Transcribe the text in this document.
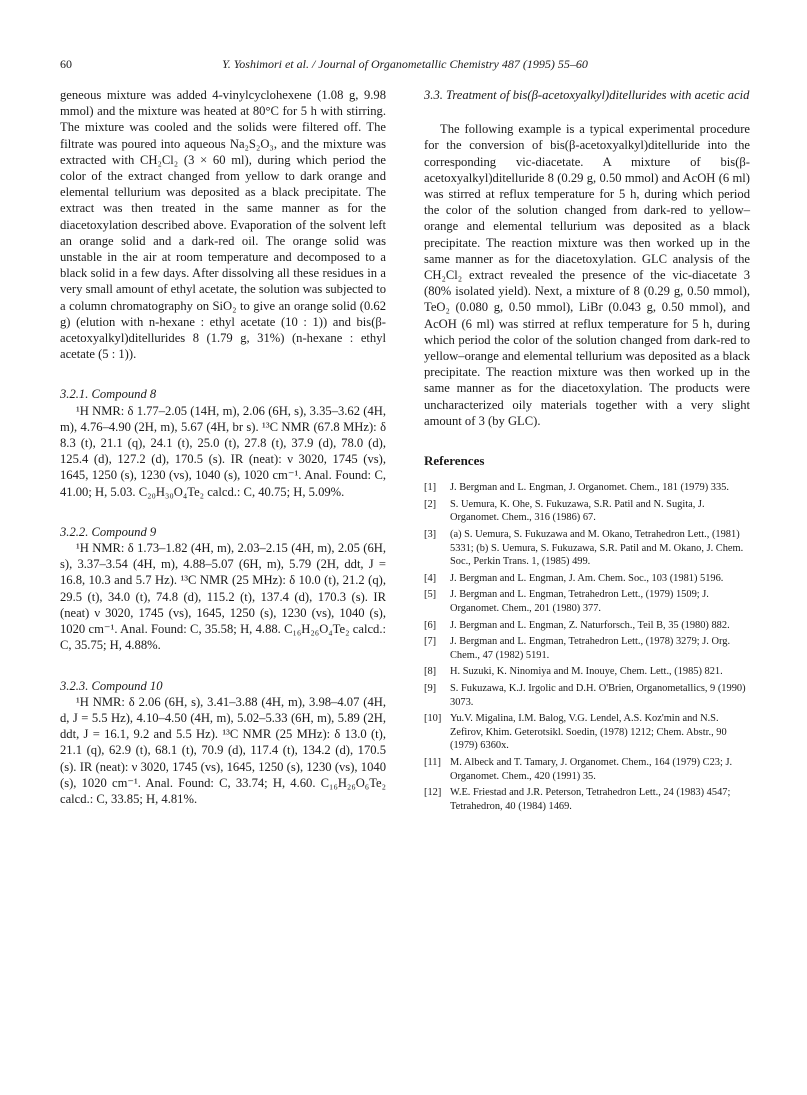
60	Y. Yoshimori et al. / Journal of Organometallic Chemistry 487 (1995) 55–60

geneous mixture was added 4-vinylcyclohexene (1.08 g, 9.98 mmol) and the mixture was heated at 80°C for 5 h with stirring. The mixture was cooled and the solids were filtered off. The filtrate was poured into aqueous Na₂S₂O₃, and the mixture was extracted with CH₂Cl₂ (3 × 60 ml), during which period the color of the extract changed from yellow to dark orange and elemental tellurium was deposited as a black precipitate. The extract was then treated in the same manner as for the diacetoxylation described above. Evaporation of the solvent left an orange solid and a dark-red oil. The orange solid was unstable in the air at room temperature and decomposed to a black solid in a few days. After dissolving all these residues in a very small amount of ethyl acetate, the solution was subjected to a column chromatography on SiO₂ to give an orange solid (0.62 g) (elution with n-hexane : ethyl acetate (10 : 1)) and bis(β-acetoxyalkyl)ditellurides 8 (1.79 g, 31%) (n-hexane : ethyl acetate (5 : 1)).

3.2.1. Compound 8

¹H NMR: δ 1.77–2.05 (14H, m), 2.06 (6H, s), 3.35–3.62 (4H, m), 4.76–4.90 (2H, m), 5.67 (4H, br s). ¹³C NMR (67.8 MHz): δ 8.3 (t), 21.1 (q), 24.1 (t), 25.0 (t), 27.8 (t), 37.9 (d), 78.0 (d), 125.4 (d), 127.2 (d), 170.5 (s). IR (neat): ν 3020, 1745 (vs), 1645, 1250 (s), 1230 (vs), 1040 (s), 1020 cm⁻¹. Anal. Found: C, 41.00; H, 5.03. C₂₀H₃₀O₄Te₂ calcd.: C, 40.75; H, 5.09%.

3.2.2. Compound 9

¹H NMR: δ 1.73–1.82 (4H, m), 2.03–2.15 (4H, m), 2.05 (6H, s), 3.37–3.54 (4H, m), 4.88–5.07 (6H, m), 5.79 (2H, ddt, J = 16.8, 10.3 and 5.7 Hz). ¹³C NMR (25 MHz): δ 10.0 (t), 21.2 (q), 29.5 (t), 34.0 (t), 74.8 (d), 115.2 (t), 137.4 (d), 170.3 (s). IR (neat) ν 3020, 1745 (vs), 1645, 1250 (s), 1230 (vs), 1040 (s), 1020 cm⁻¹. Anal. Found: C, 35.58; H, 4.88. C₁₆H₂₆O₄Te₂ calcd.: C, 35.75; H, 4.88%.

3.2.3. Compound 10

¹H NMR: δ 2.06 (6H, s), 3.41–3.88 (4H, m), 3.98–4.07 (4H, d, J = 5.5 Hz), 4.10–4.50 (4H, m), 5.02–5.33 (6H, m), 5.89 (2H, ddt, J = 16.1, 9.2 and 5.5 Hz). ¹³C NMR (25 MHz): δ 13.0 (t), 21.1 (q), 62.9 (t), 68.1 (t), 70.9 (d), 117.4 (t), 134.2 (d), 170.5 (s). IR (neat): ν 3020, 1745 (vs), 1645, 1250 (s), 1230 (vs), 1040 (s), 1020 cm⁻¹. Anal. Found: C, 33.74; H, 4.60. C₁₆H₂₆O₆Te₂ calcd.: C, 33.85; H, 4.81%.

3.3. Treatment of bis(β-acetoxyalkyl)ditellurides with acetic acid

The following example is a typical experimental procedure for the conversion of bis(β-acetoxyalkyl)ditelluride into the corresponding vic-diacetate. A mixture of bis(β-acetoxyalkyl)ditelluride 8 (0.29 g, 0.50 mmol) and AcOH (6 ml) was stirred at reflux temperature for 5 h, during which period the color of the solution changed from dark-red to yellow–orange and elemental tellurium was deposited as a black precipitate. The reaction mixture was then worked up in the same manner as for the diacetoxylation. GLC analysis of the CH₂Cl₂ extract revealed the presence of the vic-diacetate 3 (80% isolated yield). Next, a mixture of 8 (0.29 g, 0.50 mmol), TeO₂ (0.080 g, 0.50 mmol), LiBr (0.043 g, 0.50 mmol), and AcOH (6 ml) was stirred at reflux temperature for 5 h, during which period the color of the solution changed from dark-red to yellow–orange and elemental tellurium was deposited as a black precipitate. The reaction mixture was then worked up in the same manner as for the diacetoxylation. The products were uncharacterized oily materials together with a very slight amount of 3 (by GLC).

References
[1] J. Bergman and L. Engman, J. Organomet. Chem., 181 (1979) 335.
[2] S. Uemura, K. Ohe, S. Fukuzawa, S.R. Patil and N. Sugita, J. Organomet. Chem., 316 (1986) 67.
[3] (a) S. Uemura, S. Fukuzawa and M. Okano, Tetrahedron Lett., (1981) 5331; (b) S. Uemura, S. Fukuzawa, S.R. Patil and M. Okano, J. Chem. Soc., Perkin Trans. 1, (1985) 499.
[4] J. Bergman and L. Engman, J. Am. Chem. Soc., 103 (1981) 5196.
[5] J. Bergman and L. Engman, Tetrahedron Lett., (1979) 1509; J. Organomet. Chem., 201 (1980) 377.
[6] J. Bergman and L. Engman, Z. Naturforsch., Teil B, 35 (1980) 882.
[7] J. Bergman and L. Engman, Tetrahedron Lett., (1978) 3279; J. Org. Chem., 47 (1982) 5191.
[8] H. Suzuki, K. Ninomiya and M. Inouye, Chem. Lett., (1985) 821.
[9] S. Fukuzawa, K.J. Irgolic and D.H. O'Brien, Organometallics, 9 (1990) 3073.
[10] Yu.V. Migalina, I.M. Balog, V.G. Lendel, A.S. Koz'min and N.S. Zefirov, Khim. Geterotsikl. Soedin, (1978) 1212; Chem. Abstr., 90 (1979) 6360x.
[11] M. Albeck and T. Tamary, J. Organomet. Chem., 164 (1979) C23; J. Organomet. Chem., 420 (1991) 35.
[12] W.E. Friestad and J.R. Peterson, Tetrahedron Lett., 24 (1983) 4547; Tetrahedron, 40 (1984) 1469.
